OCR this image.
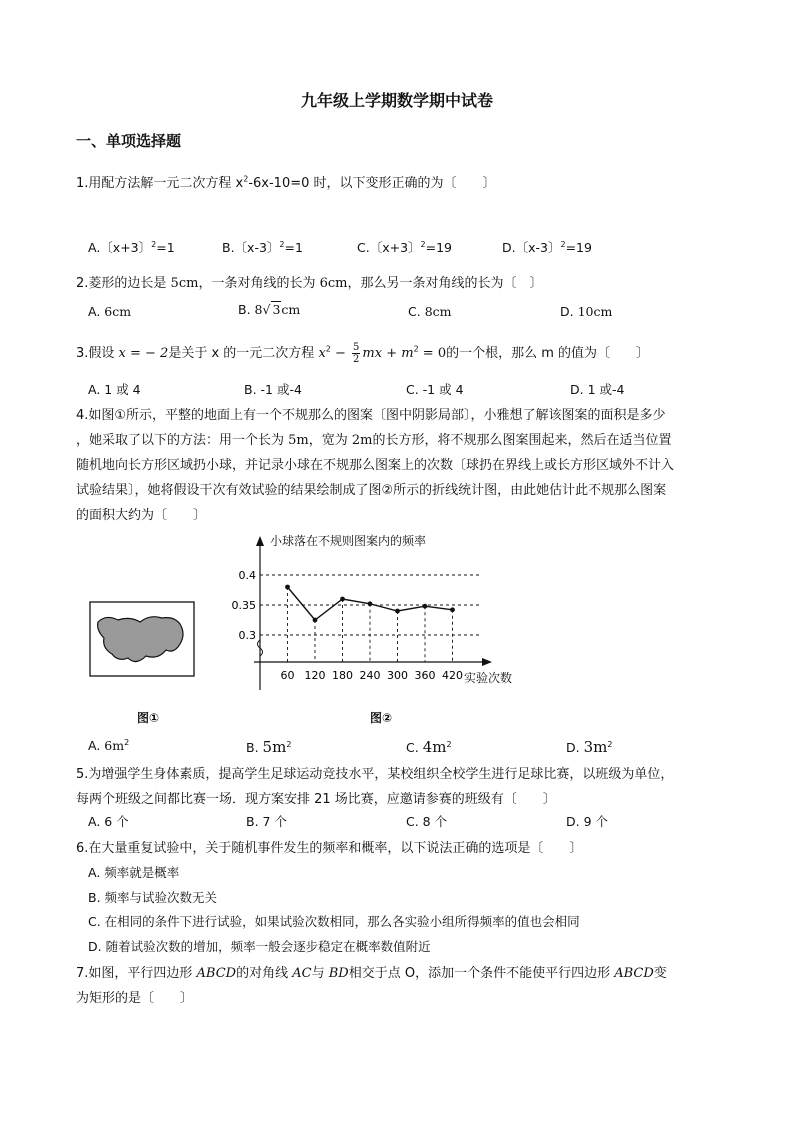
九年级上学期数学期中试卷
一、单项选择题
1.用配方法解一元二次方程 $x^2-6x-10=0$ 时，以下变形正确的为〔　　〕
A.〔x+3〕$^2$=1	B.〔x-3〕$^2$=1	C.〔x+3〕$^2$=19	D.〔x-3〕$^2$=19
2.菱形的边长是 5cm，一条对角线的长为 6cm，那么另一条对角线的长为〔　〕
A. 6cm	B. 8√ 3cm	C. 8cm	D. 10cm
3.假设 x = − 2是关于 x 的一元二次方程 $x^2 - \frac{5}{2}$ mx + $m^2 = 0$的一个根，那么 m 的值为〔　　〕
A. 1 或 4	B. -1 或-4	C. -1 或 4	D. 1 或-4
4.如图①所示，平整的地面上有一个不规那么的图案〔图中阴影局部〕，小雅想了解该图案的面积是多少
，她采取了以下的方法：用一个长为 5m，宽为 2m的长方形，将不规那么图案围起来，然后在适当位置
随机地向长方形区域扔小球，并记录小球在不规那么图案上的次数〔球扔在界线上或长方形区域外不计入
试验结果〕，她将假设干次有效试验的结果绘制成了图②所示的折线统计图，由此她估计此不规那么图案
的面积大约为〔　　〕
图①
小球落在不规则图案内的频率
0.4
0.35
0.3
60 120 180 240 300 360 420 实验次数
图②
A. $6m^2$	B. $5m^2$	C. $4m^2$	D. $3m^2$
5.为增强学生身体素质，提高学生足球运动竞技水平，某校组织全校学生进行足球比赛，以班级为单位，
每两个班级之间都比赛一场．现方案安排 21 场比赛，应邀请参赛的班级有〔　　〕
A. 6 个	B. 7 个	C. 8 个	D. 9 个
6.在大量重复试验中，关于随机事件发生的频率和概率，以下说法正确的选项是〔　　〕
A. 频率就是概率
B. 频率与试验次数无关
C. 在相同的条件下进行试验，如果试验次数相同，那么各实验小组所得频率的值也会相同
D. 随着试验次数的增加，频率一般会逐步稳定在概率数值附近
7.如图，平行四边形 ABCD的对角线 AC与 BD相交于点 O，添加一个条件不能使平行四边形 ABCD变
为矩形的是〔　　〕
